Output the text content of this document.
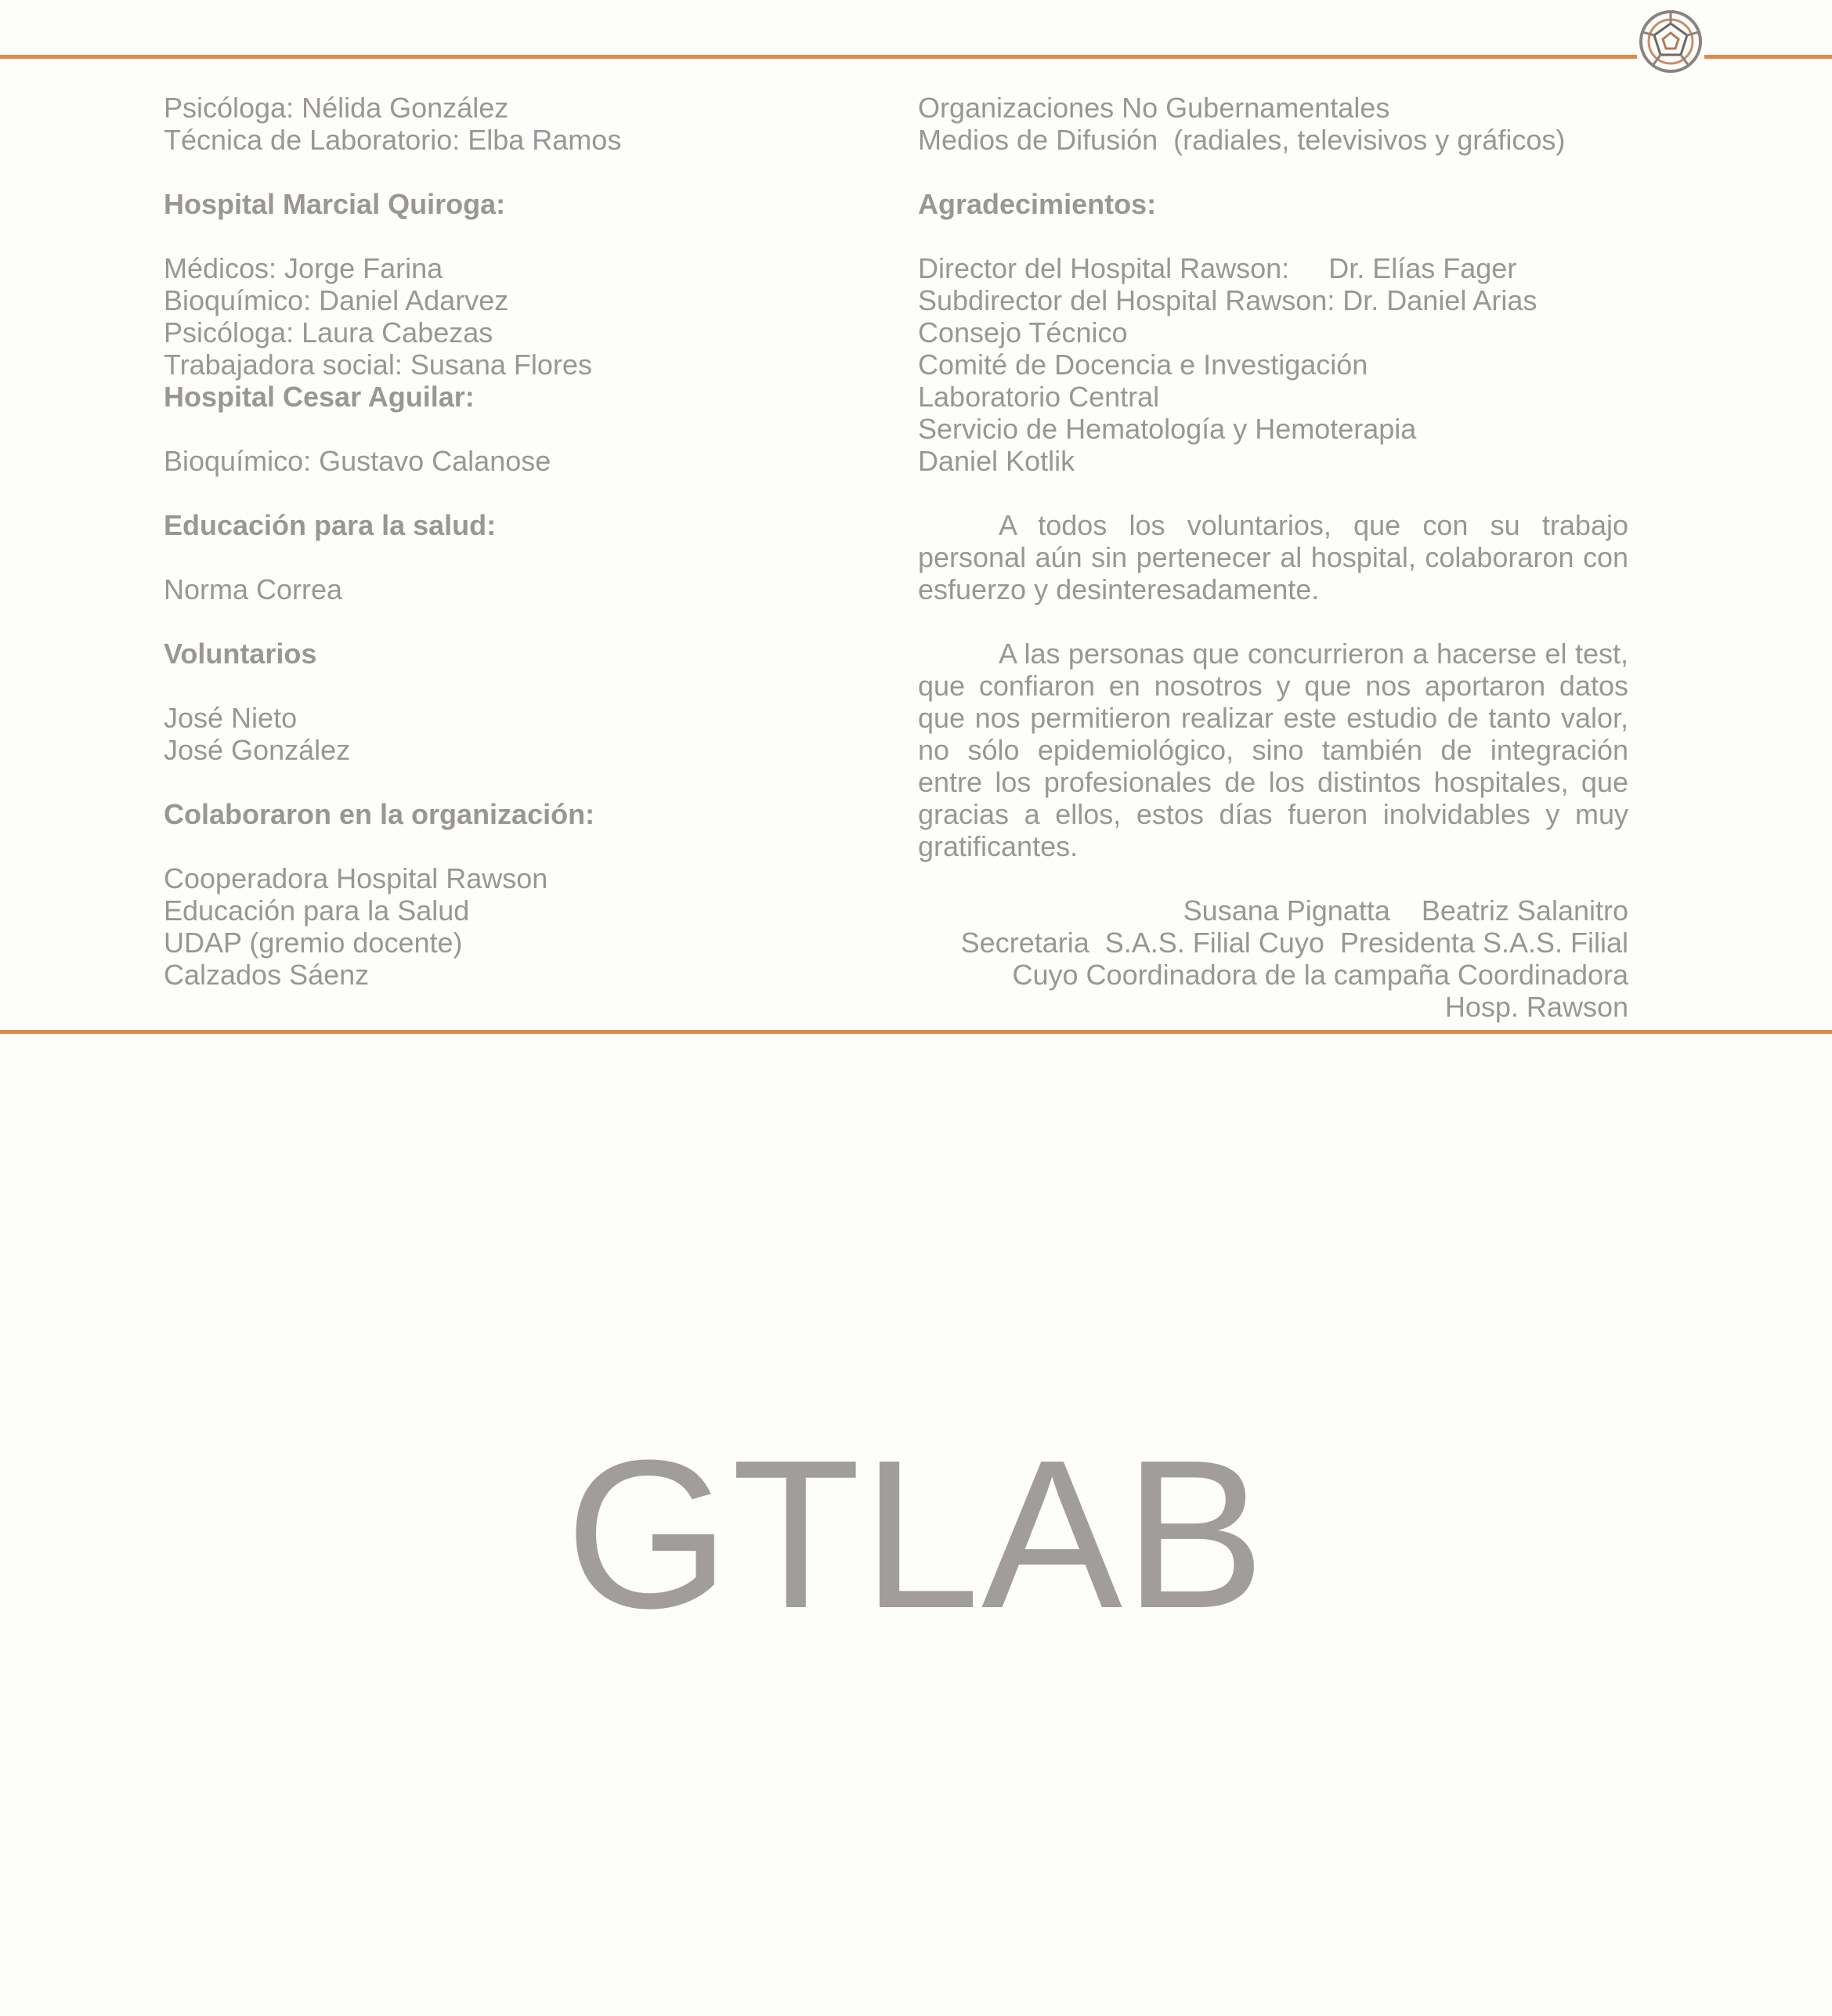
Psicóloga: Nélida González
Técnica de Laboratorio: Elba Ramos
Hospital Marcial Quiroga:
Médicos: Jorge Farina
Bioquímico: Daniel Adarvez
Psicóloga: Laura Cabezas
Trabajadora social: Susana Flores
Hospital Cesar Aguilar:
Bioquímico: Gustavo Calanose
Educación para la salud:
Norma Correa
Voluntarios
José Nieto
José González
Colaboraron en la organización:
Cooperadora Hospital Rawson
Educación para la Salud
UDAP (gremio docente)
Calzados Sáenz
Organizaciones No Gubernamentales
Medios de Difusión  (radiales, televisivos y gráficos)
Agradecimientos:
Director del Hospital Rawson:     Dr. Elías Fager
Subdirector del Hospital Rawson: Dr. Daniel Arias
Consejo Técnico
Comité de Docencia e Investigación
Laboratorio Central
Servicio de Hematología y Hemoterapia
Daniel Kotlik
A todos los voluntarios, que con su trabajo personal aún sin pertenecer al hospital, colaboraron con esfuerzo y desinteresadamente.
A las personas que concurrieron a hacerse el test, que confiaron en nosotros y que nos aportaron datos que nos permitieron realizar este estudio de tanto valor, no sólo epidemiológico, sino también de integración entre los profesionales de los distintos hospitales, que gracias a ellos, estos días fueron inolvidables y muy gratificantes.
Susana Pignatta    Beatriz Salanitro
Secretaria  S.A.S. Filial Cuyo  Presidenta S.A.S. Filial
Cuyo Coordinadora de la campaña Coordinadora
Hosp. Rawson
GTLAB
